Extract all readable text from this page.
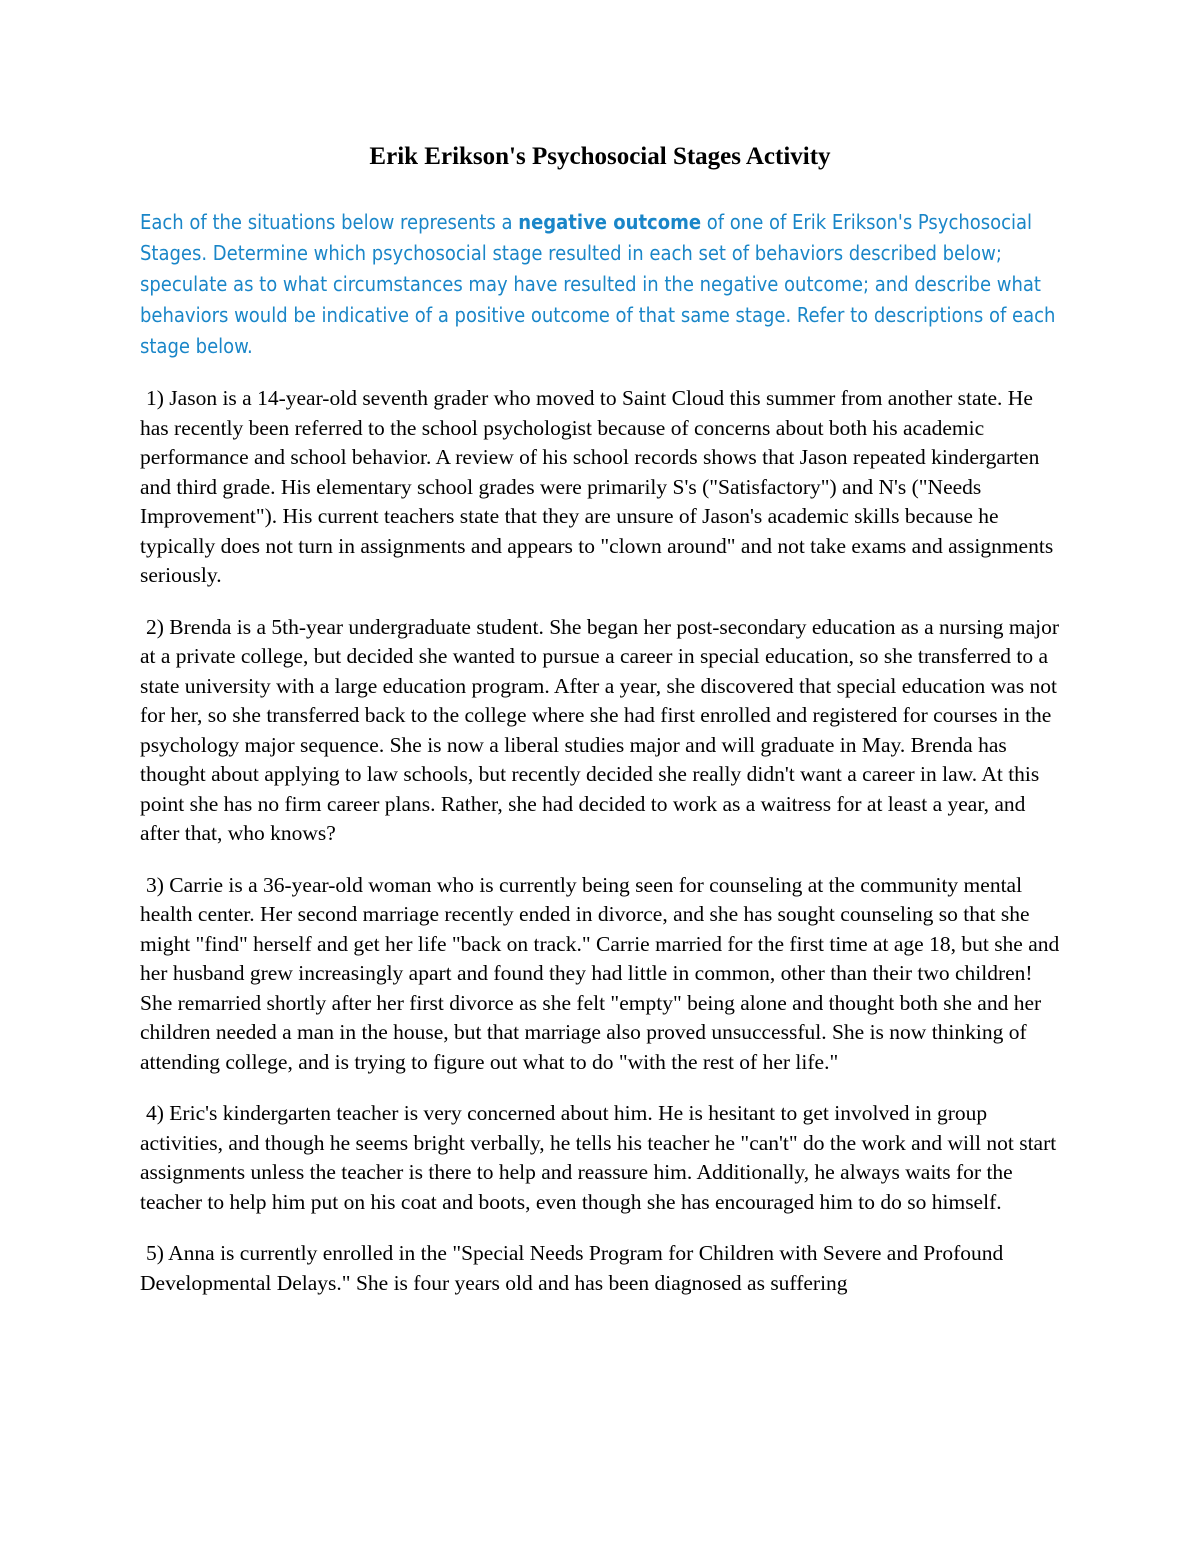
Erik Erikson's Psychosocial Stages Activity

Each of the situations below represents a negative outcome of one of Erik Erikson's Psychosocial Stages. Determine which psychosocial stage resulted in each set of behaviors described below; speculate as to what circumstances may have resulted in the negative outcome; and describe what behaviors would be indicative of a positive outcome of that same stage. Refer to descriptions of each stage below.

1) Jason is a 14-year-old seventh grader who moved to Saint Cloud this summer from another state. He has recently been referred to the school psychologist because of concerns about both his academic performance and school behavior. A review of his school records shows that Jason repeated kindergarten and third grade. His elementary school grades were primarily S's ("Satisfactory") and N's ("Needs Improvement"). His current teachers state that they are unsure of Jason's academic skills because he typically does not turn in assignments and appears to "clown around" and not take exams and assignments seriously.

2) Brenda is a 5th-year undergraduate student. She began her post-secondary education as a nursing major at a private college, but decided she wanted to pursue a career in special education, so she transferred to a state university with a large education program. After a year, she discovered that special education was not for her, so she transferred back to the college where she had first enrolled and registered for courses in the psychology major sequence. She is now a liberal studies major and will graduate in May. Brenda has thought about applying to law schools, but recently decided she really didn't want a career in law. At this point she has no firm career plans. Rather, she had decided to work as a waitress for at least a year, and after that, who knows?

3) Carrie is a 36-year-old woman who is currently being seen for counseling at the community mental health center. Her second marriage recently ended in divorce, and she has sought counseling so that she might "find" herself and get her life "back on track." Carrie married for the first time at age 18, but she and her husband grew increasingly apart and found they had little in common, other than their two children! She remarried shortly after her first divorce as she felt "empty" being alone and thought both she and her children needed a man in the house, but that marriage also proved unsuccessful. She is now thinking of attending college, and is trying to figure out what to do "with the rest of her life."

4) Eric's kindergarten teacher is very concerned about him. He is hesitant to get involved in group activities, and though he seems bright verbally, he tells his teacher he "can't" do the work and will not start assignments unless the teacher is there to help and reassure him. Additionally, he always waits for the teacher to help him put on his coat and boots, even though she has encouraged him to do so himself.

5) Anna is currently enrolled in the "Special Needs Program for Children with Severe and Profound Developmental Delays." She is four years old and has been diagnosed as suffering
